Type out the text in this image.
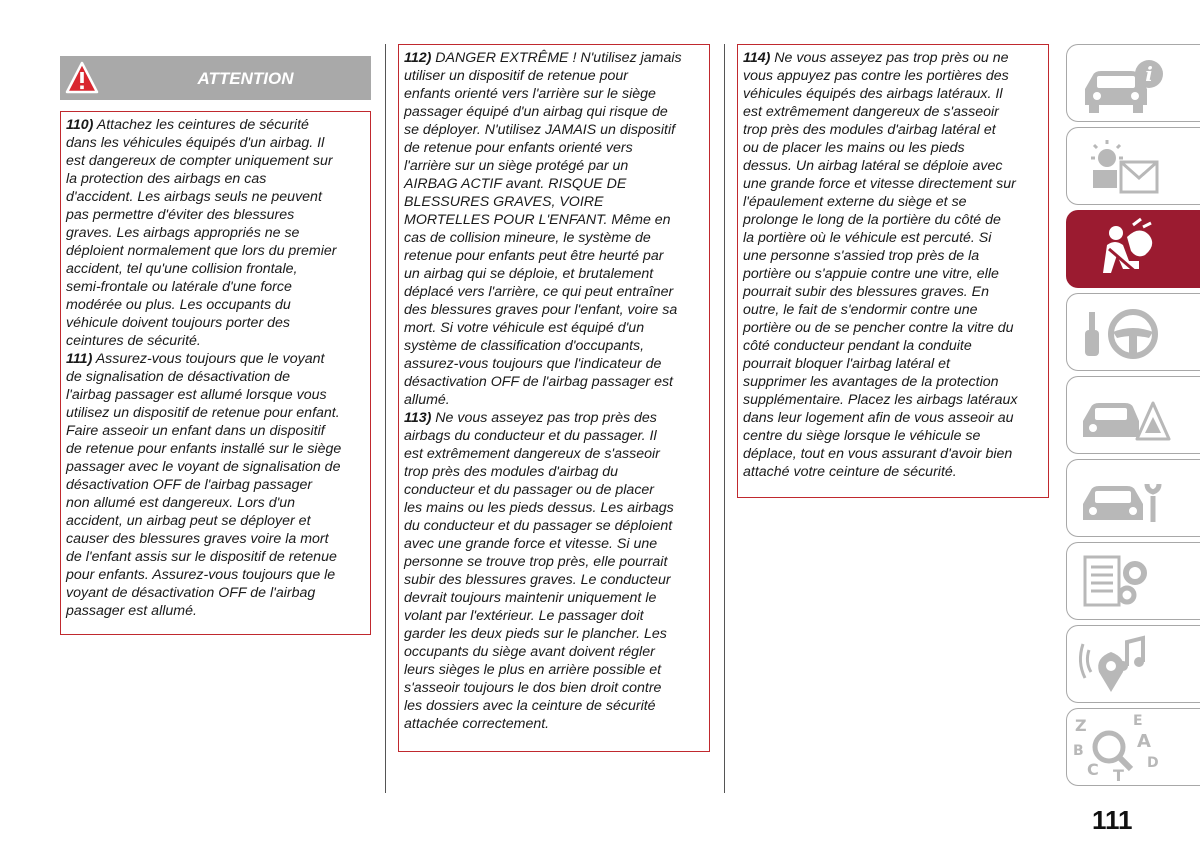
ATTENTION

110) Attachez les ceintures de sécurité
dans les véhicules équipés d'un airbag. Il
est dangereux de compter uniquement sur
la protection des airbags en cas
d'accident. Les airbags seuls ne peuvent
pas permettre d'éviter des blessures
graves. Les airbags appropriés ne se
déploient normalement que lors du premier
accident, tel qu'une collision frontale,
semi-frontale ou latérale d'une force
modérée ou plus. Les occupants du
véhicule doivent toujours porter des
ceintures de sécurité.

111) Assurez-vous toujours que le voyant
de signalisation de désactivation de
l'airbag passager est allumé lorsque vous
utilisez un dispositif de retenue pour enfant.
Faire asseoir un enfant dans un dispositif
de retenue pour enfants installé sur le siège
passager avec le voyant de signalisation de
désactivation OFF de l'airbag passager
non allumé est dangereux. Lors d'un
accident, un airbag peut se déployer et
causer des blessures graves voire la mort
de l'enfant assis sur le dispositif de retenue
pour enfants. Assurez-vous toujours que le
voyant de désactivation OFF de l'airbag
passager est allumé.

112) DANGER EXTRÊME ! N'utilisez jamais
utiliser un dispositif de retenue pour
enfants orienté vers l'arrière sur le siège
passager équipé d'un airbag qui risque de
se déployer. N'utilisez JAMAIS un dispositif
de retenue pour enfants orienté vers
l'arrière sur un siège protégé par un
AIRBAG ACTIF avant. RISQUE DE
BLESSURES GRAVES, VOIRE
MORTELLES POUR L'ENFANT. Même en
cas de collision mineure, le système de
retenue pour enfants peut être heurté par
un airbag qui se déploie, et brutalement
déplacé vers l'arrière, ce qui peut entraîner
des blessures graves pour l'enfant, voire sa
mort. Si votre véhicule est équipé d'un
système de classification d'occupants,
assurez-vous toujours que l'indicateur de
désactivation OFF de l'airbag passager est
allumé.

113) Ne vous asseyez pas trop près des
airbags du conducteur et du passager. Il
est extrêmement dangereux de s'asseoir
trop près des modules d'airbag du
conducteur et du passager ou de placer
les mains ou les pieds dessus. Les airbags
du conducteur et du passager se déploient
avec une grande force et vitesse. Si une
personne se trouve trop près, elle pourrait
subir des blessures graves. Le conducteur
devrait toujours maintenir uniquement le
volant par l'extérieur. Le passager doit
garder les deux pieds sur le plancher. Les
occupants du siège avant doivent régler
leurs sièges le plus en arrière possible et
s'asseoir toujours le dos bien droit contre
les dossiers avec la ceinture de sécurité
attachée correctement.

114) Ne vous asseyez pas trop près ou ne
vous appuyez pas contre les portières des
véhicules équipés des airbags latéraux. Il
est extrêmement dangereux de s'asseoir
trop près des modules d'airbag latéral et
ou de placer les mains ou les pieds
dessus. Un airbag latéral se déploie avec
une grande force et vitesse directement sur
l'épaulement externe du siège et se
prolonge le long de la portière du côté de
la portière où le véhicule est percuté. Si
une personne s'assied trop près de la
portière ou s'appuie contre une vitre, elle
pourrait subir des blessures graves. En
outre, le fait de s'endormir contre une
portière ou de se pencher contre la vitre du
côté conducteur pendant la conduite
pourrait bloquer l'airbag latéral et
supprimer les avantages de la protection
supplémentaire. Placez les airbags latéraux
dans leur logement afin de vous asseoir au
centre du siège lorsque le véhicule se
déplace, tout en vous assurant d'avoir bien
attaché votre ceinture de sécurité.

i
Z	E
B	A
C T
D
111
